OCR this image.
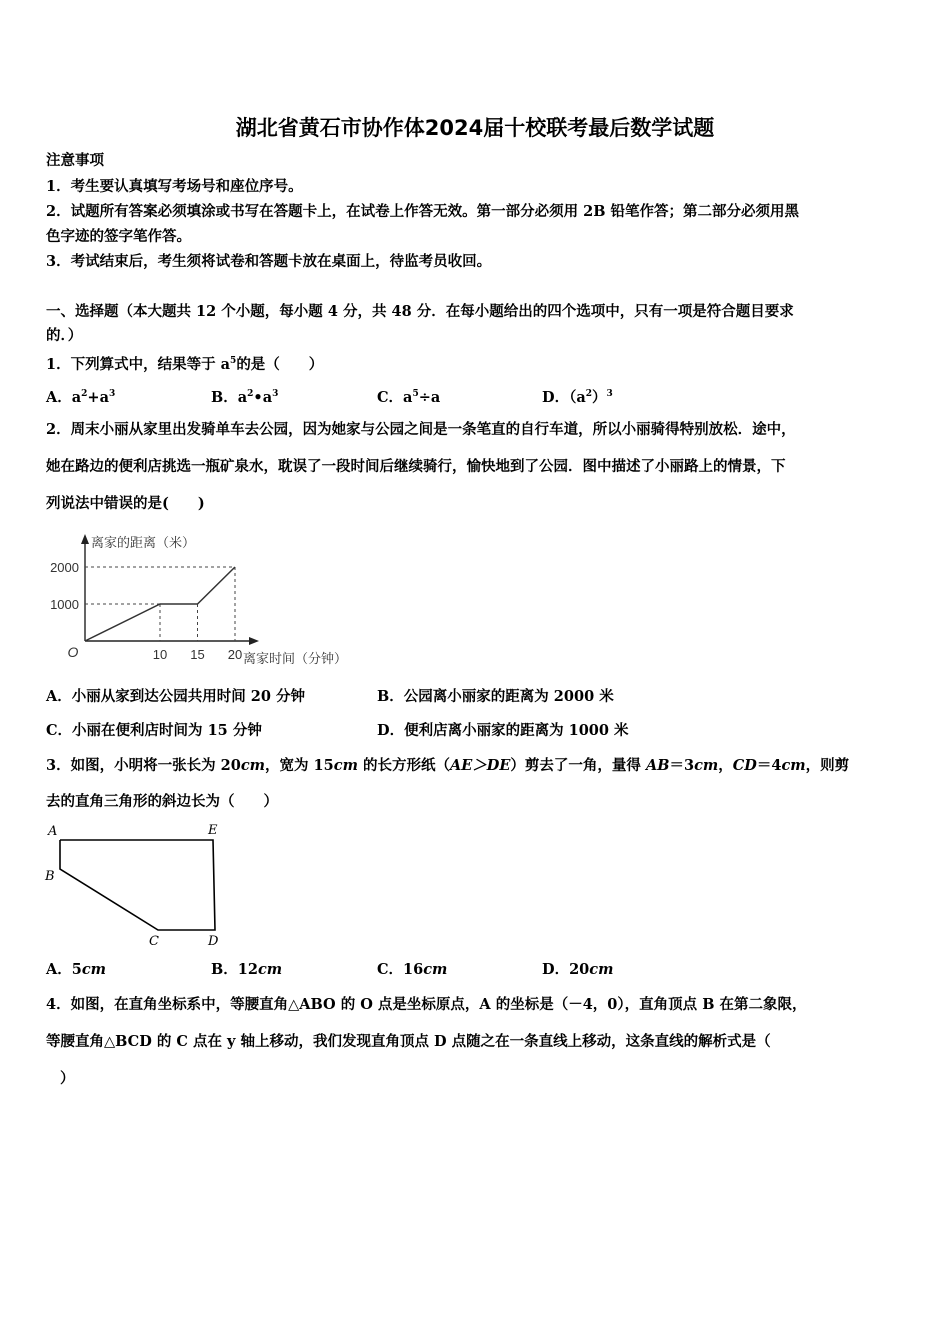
湖北省黄石市协作体2024届十校联考最后数学试题
注意事项
1．考生要认真填写考场号和座位序号。
2．试题所有答案必须填涂或书写在答题卡上，在试卷上作答无效。第一部分必须用 2B 铅笔作答；第二部分必须用黑
色字迹的签字笔作答。
3．考试结束后，考生须将试卷和答题卡放在桌面上，待监考员收回。
一、选择题（本大题共 12 个小题，每小题 4 分，共 48 分．在每小题给出的四个选项中，只有一项是符合题目要求
的．）
1．下列算式中，结果等于 $a^5$的是（　　）
A．$a^2+a^3$	B．$a^2•a^3$	C．$a^5\div a$	D．$(a^2)^3$
2．周末小丽从家里出发骑单车去公园，因为她家与公园之间是一条笔直的自行车道，所以小丽骑得特别放松．途中，
她在路边的便利店挑选一瓶矿泉水，耽误了一段时间后继续骑行，愉快地到了公园．图中描述了小丽路上的情景，下
列说法中错误的是(　　)
10 15 20
1000
2000
O
离家的距离（米）
离家时间（分钟）
A．小丽从家到达公园共用时间 20 分钟	B．公园离小丽家的距离为 2000 米
C．小丽在便利店时间为 15 分钟	D．便利店离小丽家的距离为 1000 米
3．如图，小明将一张长为 20cm，宽为 15cm 的长方形纸（AE＞DE）剪去了一角，量得 AB＝3cm，CD＝4cm，则剪
去的直角三角形的斜边长为（　　）
A	E
B
C	D
A．5cm	B．12cm	C．16cm	D．20cm
4．如图，在直角坐标系中，等腰直角△ABO 的 O 点是坐标原点，A 的坐标是（－4，0），直角顶点 B 在第二象限，
等腰直角△BCD 的 C 点在 y 轴上移动，我们发现直角顶点 D 点随之在一条直线上移动，这条直线的解析式是（
）
